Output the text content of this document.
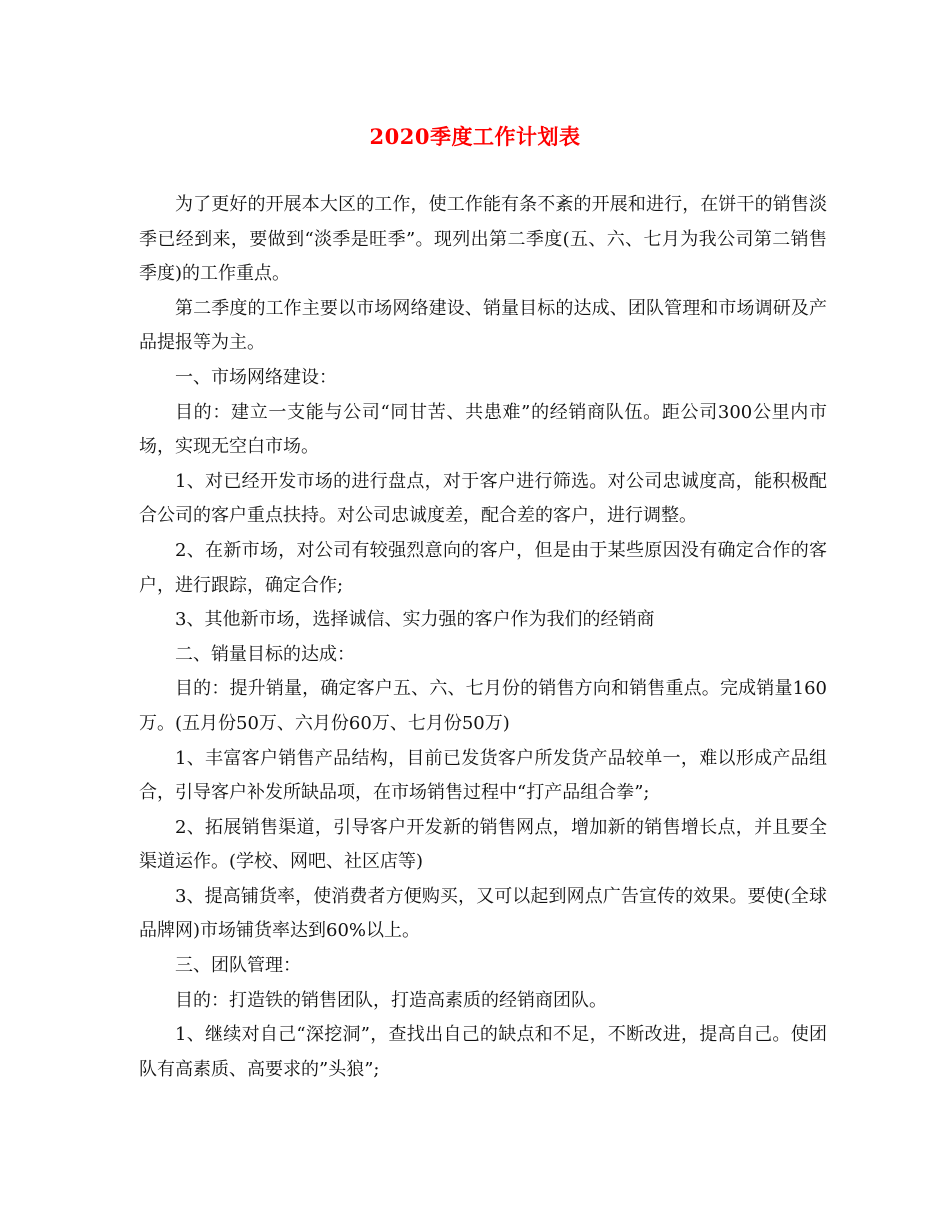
2020季度工作计划表

为了更好的开展本大区的工作，使工作能有条不紊的开展和进行，在饼干的销售淡季已经到来，要做到“淡季是旺季”。现列出第二季度(五、六、七月为我公司第二销售季度)的工作重点。

第二季度的工作主要以市场网络建设、销量目标的达成、团队管理和市场调研及产品提报等为主。

一、市场网络建设：

目的：建立一支能与公司“同甘苦、共患难”的经销商队伍。距公司300公里内市场，实现无空白市场。

1、对已经开发市场的进行盘点，对于客户进行筛选。对公司忠诚度高，能积极配合公司的客户重点扶持。对公司忠诚度差，配合差的客户，进行调整。

2、在新市场，对公司有较强烈意向的客户，但是由于某些原因没有确定合作的客户，进行跟踪，确定合作;

3、其他新市场，选择诚信、实力强的客户作为我们的经销商

二、销量目标的达成：

目的：提升销量，确定客户五、六、七月份的销售方向和销售重点。完成销量160万。(五月份50万、六月份60万、七月份50万)

1、丰富客户销售产品结构，目前已发货客户所发货产品较单一，难以形成产品组合，引导客户补发所缺品项，在市场销售过程中“打产品组合拳”;

2、拓展销售渠道，引导客户开发新的销售网点，增加新的销售增长点，并且要全渠道运作。(学校、网吧、社区店等)

3、提高铺货率，使消费者方便购买，又可以起到网点广告宣传的效果。要使(全球品牌网)市场铺货率达到60%以上。

三、团队管理：

目的：打造铁的销售团队，打造高素质的经销商团队。

1、继续对自己“深挖洞”，查找出自己的缺点和不足，不断改进，提高自己。使团队有高素质、高要求的”头狼”;
